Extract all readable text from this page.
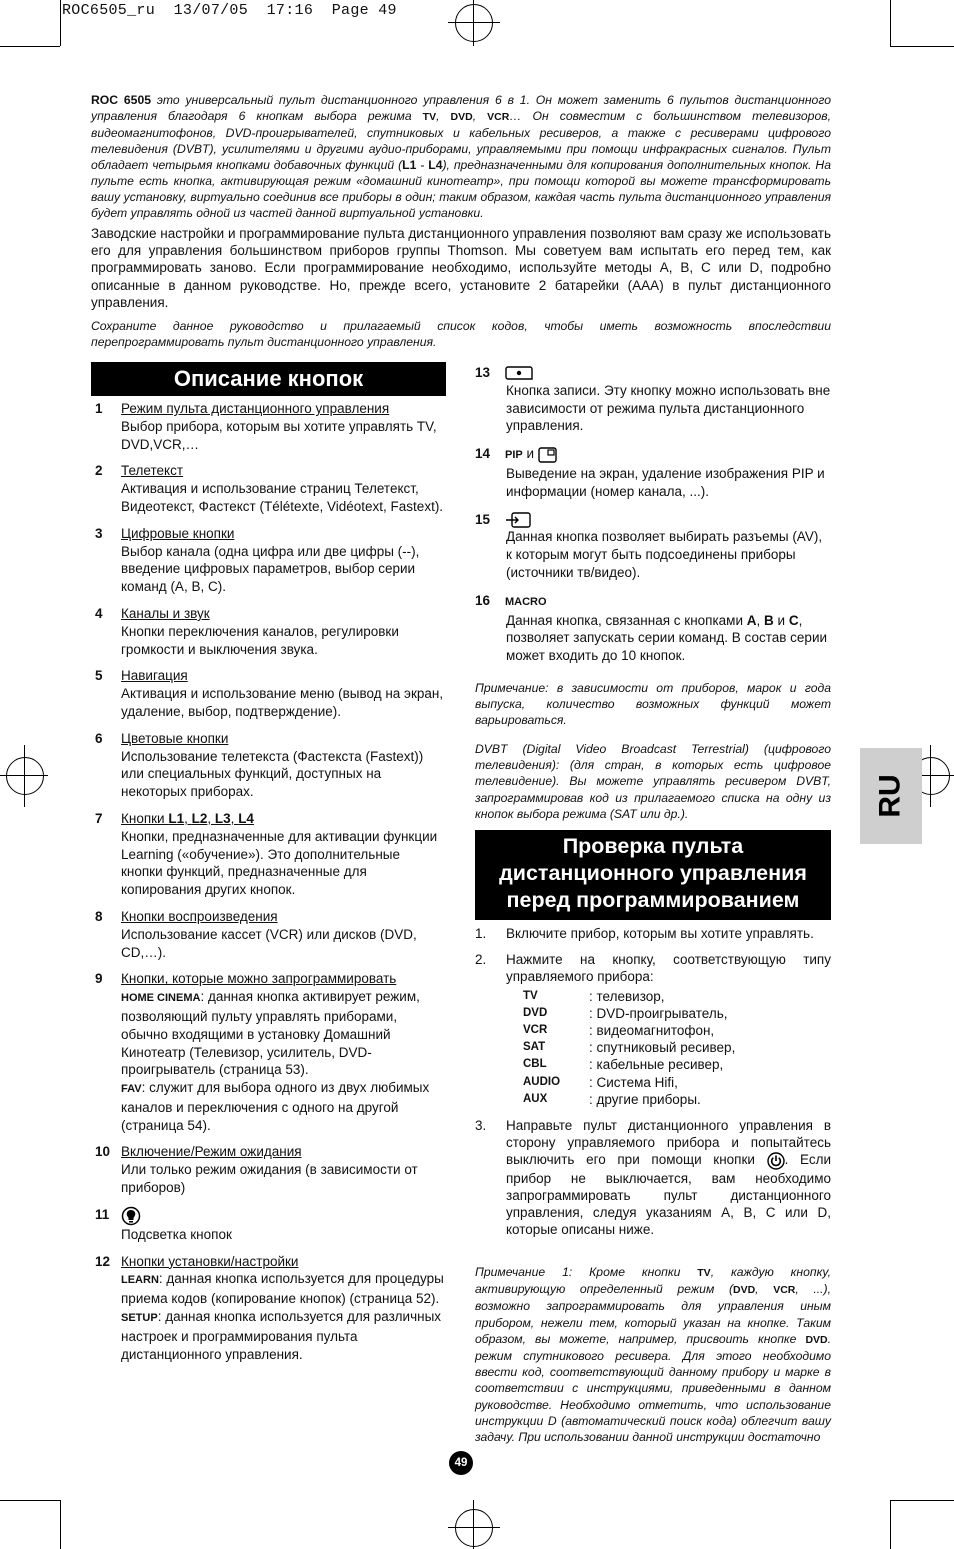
ROC6505_ru  13/07/05  17:16  Page 49
ROC 6505 это универсальный пульт дистанционного управления 6 в 1. Он может заменить 6 пультов дистанционного управления благодаря 6 кнопкам выбора режима TV, DVD, VCR… Он совместим с большинством телевизоров, видеомагнитофонов, DVD-проигрывателей, спутниковых и кабельных ресиверов, а также с ресиверами цифрового телевидения (DVBT), усилителями и другими аудио-приборами, управляемыми при помощи инфракрасных сигналов. Пульт обладает четырьмя кнопками добавочных функций (L1 - L4), предназначенными для копирования дополнительных кнопок. На пульте есть кнопка, активирующая режим «домашний кинотеатр», при помощи которой вы можете трансформировать вашу установку, виртуально соединив все приборы в один; таким образом, каждая часть пульта дистанционного управления будет управлять одной из частей данной виртуальной установки.
Заводские настройки и программирование пульта дистанционного управления позволяют вам сразу же использовать его для управления большинством приборов группы Thomson. Мы советуем вам испытать его перед тем, как программировать заново. Если программирование необходимо, используйте методы A, B, C или D, подробно описанные в данном руководстве. Но, прежде всего, установите 2 батарейки (AAA) в пульт дистанционного управления.
Сохраните данное руководство и прилагаемый список кодов, чтобы иметь возможность впоследствии перепрограммировать пульт дистанционного управления.
Описание кнопок
1 Режим пульта дистанционного управления
Выбор прибора, которым вы хотите управлять TV, DVD,VCR,…
2 Телетекст
Активация и использование страниц Телетекст, Видеотекст, Фастекст (Télétexte, Vidéotext, Fastext).
3 Цифровые кнопки
Выбор канала (одна цифра или две цифры (--), введение цифровых параметров, выбор серии команд (A, B, C).
4 Каналы и звук
Кнопки переключения каналов, регулировки громкости и выключения звука.
5 Навигация
Активация и использование меню (вывод на экран, удаление, выбор, подтверждение).
6 Цветовые кнопки
Использование телетекста (Фастекста (Fastext)) или специальных функций, доступных на некоторых приборах.
7 Кнопки L1, L2, L3, L4
Кнопки, предназначенные для активации функции Learning («обучение»). Это дополнительные кнопки функций, предназначенные для копирования других кнопок.
8 Кнопки воспроизведения
Использование кассет (VCR) или дисков (DVD, CD,…).
9 Кнопки, которые можно запрограммировать
HOME CINEMA: данная кнопка активирует режим, позволяющий пульту управлять приборами, обычно входящими в установку Домашний Кинотеатр (Телевизор, усилитель, DVD-проигрыватель (страница 53).
FAV: служит для выбора одного из двух любимых каналов и переключения с одного на другой (страница 54).
10 Включение/Режим ожидания
Или только режим ожидания (в зависимости от приборов)
11
Подсветка кнопок
12 Кнопки установки/настройки
LEARN: данная кнопка используется для процедуры приема кодов (копирование кнопок) (страница 52).
SETUP: данная кнопка используется для различных настроек и программирования пульта дистанционного управления.
13
Кнопка записи. Эту кнопку можно использовать вне зависимости от режима пульта дистанционного управления.
14 PIP и
Выведение на экран, удаление изображения PIP и информации (номер канала, ...).
15
Данная кнопка позволяет выбирать разъемы (AV), к которым могут быть подсоединены приборы (источники тв/видео).
16 MACRO
Данная кнопка, связанная с кнопками A, B и C, позволяет запускать серии команд. В состав серии может входить до 10 кнопок.
Примечание: в зависимости от приборов, марок и года выпуска, количество возможных функций может варьироваться.
DVBT (Digital Video Broadcast Terrestrial) (цифрового телевидения): (для стран, в которых есть цифровое телевидение). Вы можете управлять ресивером DVBT, запрограммировав код из прилагаемого списка на одну из кнопок выбора режима (SAT или др.).
Проверка пульта
дистанционного управления
перед программированием
1. Включите прибор, которым вы хотите управлять.
2. Нажмите на кнопку, соответствующую типу управляемого прибора:
TV	: телевизор,
DVD	: DVD-проигрыватель,
VCR	: видеомагнитофон,
SAT	: спутниковый ресивер,
CBL	: кабельные ресивер,
AUDIO	: Система Hifi,
AUX	: другие приборы.
3. Направьте пульт дистанционного управления в сторону управляемого прибора и попытайтесь выключить его при помощи кнопки . Если прибор не выключается, вам необходимо запрограммировать пульт дистанционного управления, следуя указаниям A, B, C или D, которые описаны ниже.
Примечание 1: Кроме кнопки TV, каждую кнопку, активирующую определенный режим (DVD, VCR, ...), возможно запрограммировать для управления иным прибором, нежели тем, который указан на кнопке. Таким образом, вы можете, например, присвоить кнопке DVD. режим спутникового ресивера. Для этого необходимо ввести код, соответствующий данному прибору и марке в соответствии с инструкциями, приведенными в данном руководстве. Необходимо отметить, что использование инструкции D (автоматический поиск кода) облегчит вашу задачу. При использовании данной инструкции достаточно
RU
49
